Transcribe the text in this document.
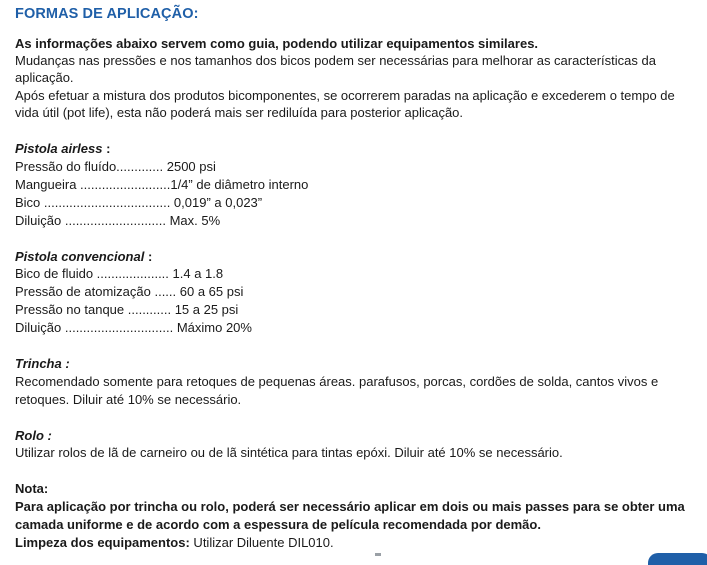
FORMAS DE APLICAÇÃO:
As informações abaixo servem como guia, podendo utilizar equipamentos similares.
Mudanças nas pressões e nos tamanhos dos bicos podem ser necessárias para melhorar as características da
aplicação.
Após efetuar a mistura dos produtos bicomponentes, se ocorrerem paradas na aplicação e excederem o tempo de
vida útil (pot life), esta não poderá mais ser rediluída para posterior aplicação.
Pistola airless :
Pressão do fluído............. 2500 psi
Mangueira .........................1/4” de diâmetro interno
Bico ................................... 0,019” a 0,023”
Diluição ............................ Max. 5%
Pistola convencional :
Bico de fluido .................... 1.4 a 1.8
Pressão de atomização ...... 60 a 65 psi
Pressão no tanque ............ 15 a 25 psi
Diluição .............................. Máximo 20%
Trincha :
Recomendado somente para retoques de pequenas áreas. parafusos, porcas, cordões de solda, cantos vivos e
retoques. Diluir até 10% se necessário.
Rolo :
Utilizar rolos de lã de carneiro ou de lã sintética para tintas epóxi. Diluir até 10% se necessário.
Nota:
Para aplicação por trincha ou rolo, poderá ser necessário aplicar em dois ou mais passes para se obter uma
camada uniforme e de acordo com a espessura de película recomendada por demão.
Limpeza dos equipamentos: Utilizar Diluente DIL010.
